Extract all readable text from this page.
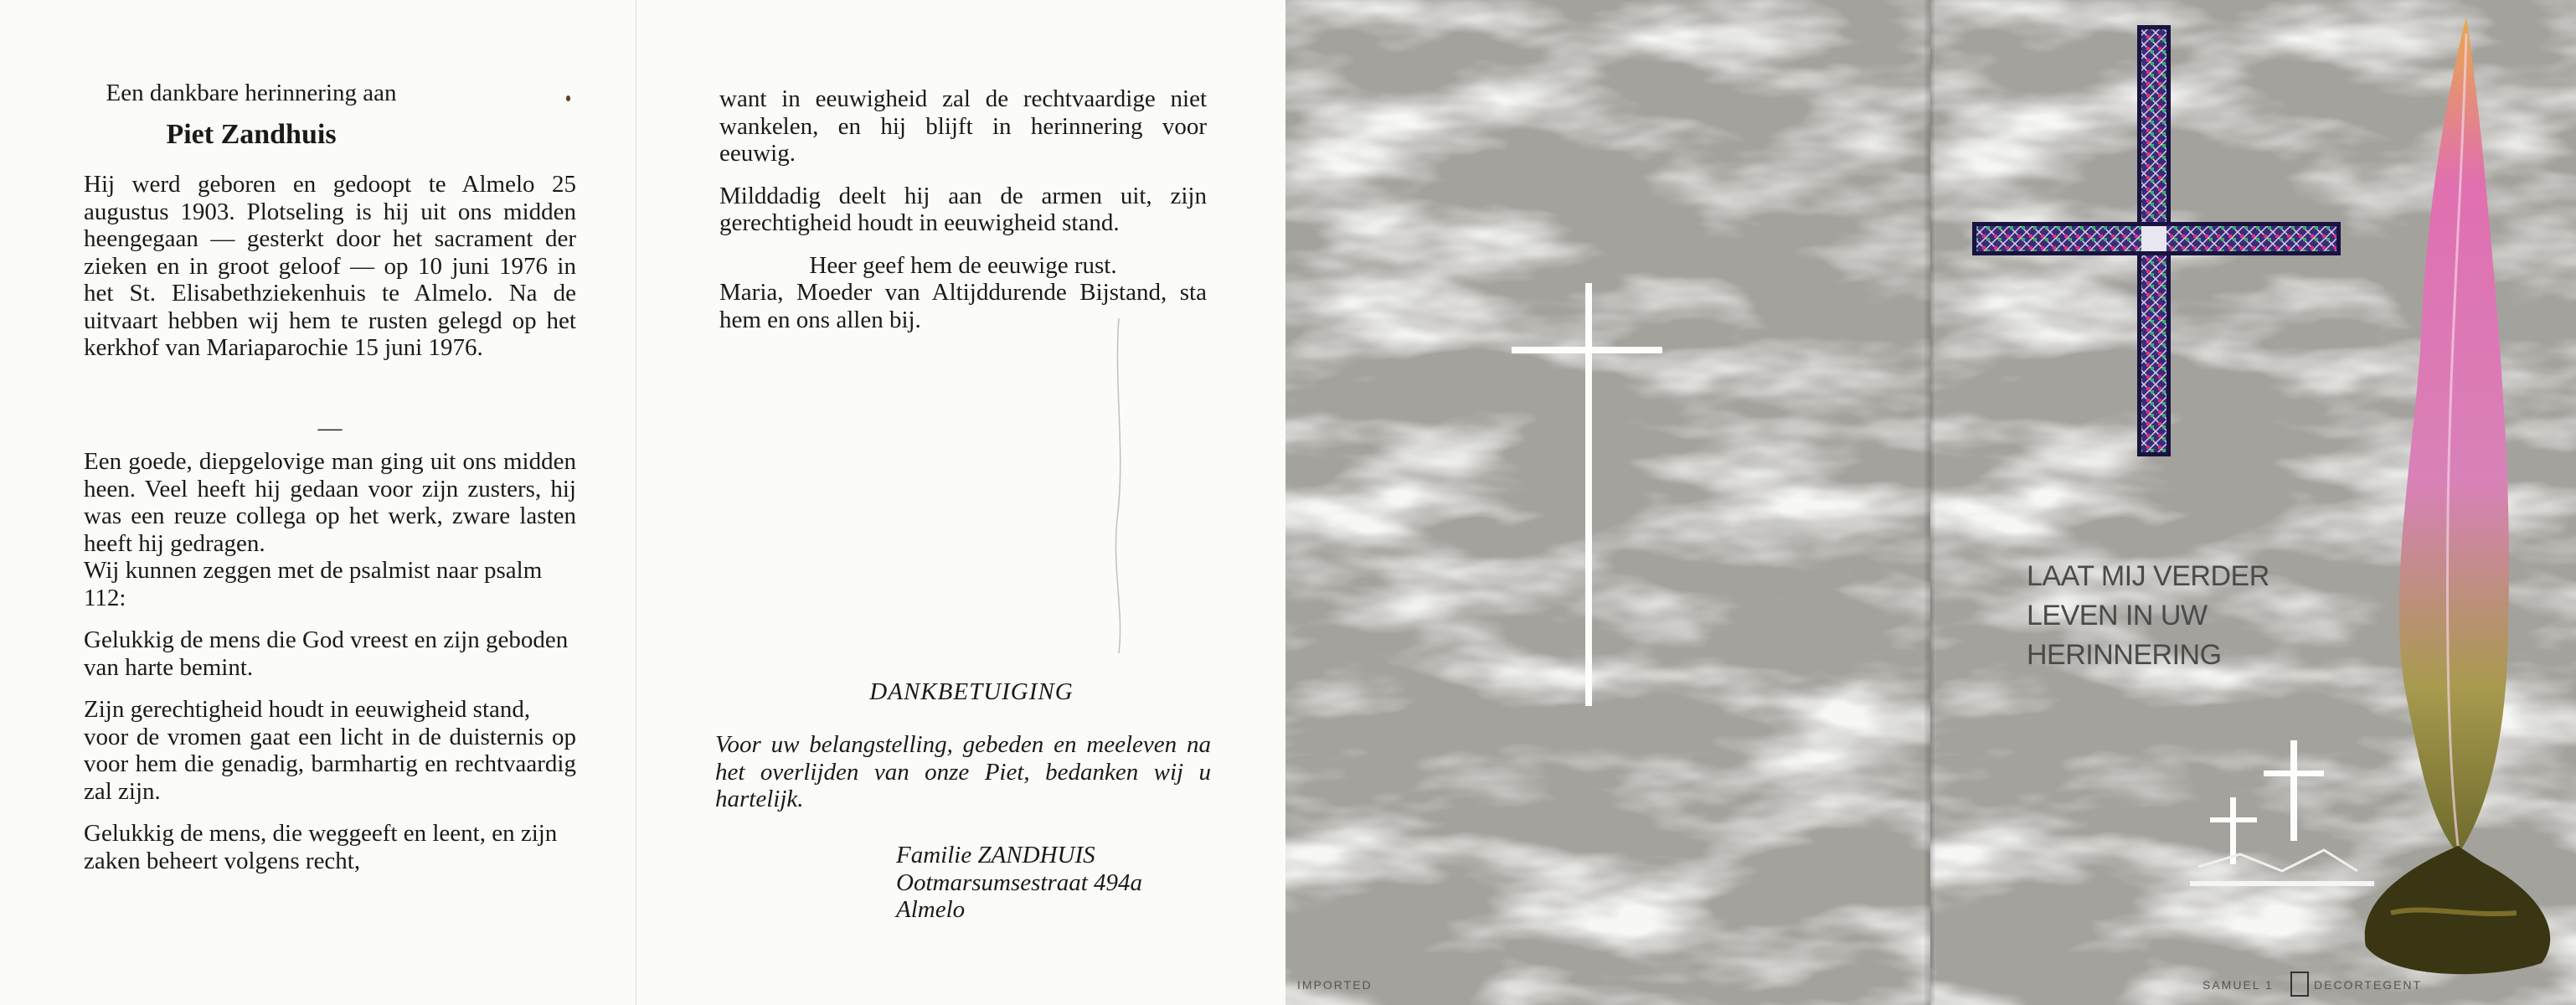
Een dankbare herinnering aan
Piet Zandhuis
Hij werd geboren en gedoopt te Almelo 25 augustus 1903. Plotseling is hij uit ons midden heengegaan — gesterkt door het sacrament der zieken en in groot geloof — op 10 juni 1976 in het St. Elisabethziekenhuis te Almelo. Na de uitvaart hebben wij hem te rusten gelegd op het kerkhof van Mariaparochie 15 juni 1976.
—

Een goede, diepgelovige man ging uit ons midden heen. Veel heeft hij gedaan voor zijn zusters, hij was een reuze collega op het werk, zware lasten heeft hij gedragen.

Wij kunnen zeggen met de psalmist naar psalm 112:

Gelukkig de mens die God vreest en zijn geboden van harte bemint.

Zijn gerechtigheid houdt in eeuwigheid stand,

voor de vromen gaat een licht in de duisternis op voor hem die genadig, barmhartig en rechtvaardig zal zijn.

Gelukkig de mens, die weggeeft en leent, en zijn zaken beheert volgens recht,

want in eeuwigheid zal de rechtvaardige niet wankelen, en hij blijft in herinnering voor eeuwig.

Milddadig deelt hij aan de armen uit, zijn gerechtigheid houdt in eeuwigheid stand.

Heer geef hem de eeuwige rust.

Maria, Moeder van Altijddurende Bijstand, sta hem en ons allen bij.

DANKBETUIGING
Voor uw belangstelling, gebeden en meeleven na het overlijden van onze Piet, bedanken wij u hartelijk.

Familie ZANDHUIS

Ootmarsumsestraat 494a

Almelo

IMPORTED
LAAT MIJ VERDER
LEVEN IN UW
HERINNERING
SAMUEL 1	DECORTEGENT
